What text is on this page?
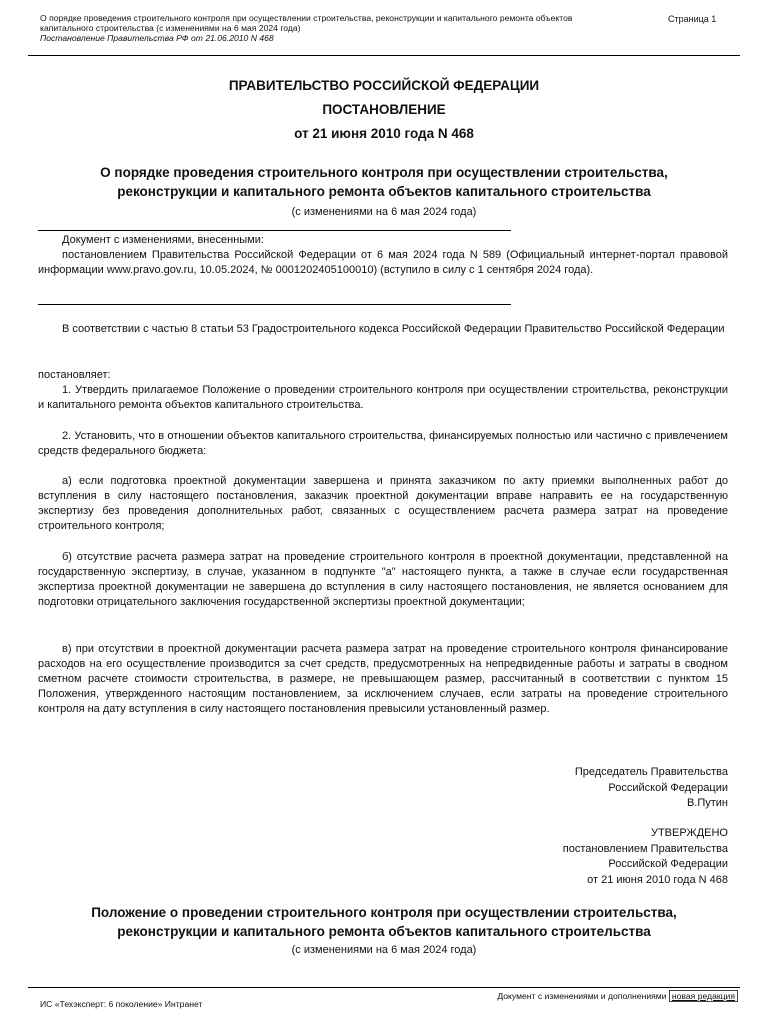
О порядке проведения строительного контроля при осуществлении строительства, реконструкции и капитального ремонта объектов
капитального строительства (с изменениями на 6 мая 2024 года)
Постановление Правительства РФ от 21.06.2010 N 468
Страница 1
ПРАВИТЕЛЬСТВО РОССИЙСКОЙ ФЕДЕРАЦИИ
ПОСТАНОВЛЕНИЕ
от 21 июня 2010 года N 468
О порядке проведения строительного контроля при осуществлении строительства, реконструкции и капитального ремонта объектов капитального строительства
(с изменениями на 6 мая 2024 года)

Документ с изменениями, внесенными:

постановлением Правительства Российской Федерации от 6 мая 2024 года N 589 (Официальный интернет-портал правовой информации www.pravo.gov.ru, 10.05.2024, № 0001202405100010) (вступило в силу с 1 сентября 2024 года).

В соответствии с частью 8 статьи 53 Градостроительного кодекса Российской Федерации Правительство Российской Федерации
постановляет:
1. Утвердить прилагаемое Положение о проведении строительного контроля при осуществлении строительства, реконструкции и капитального ремонта объектов капитального строительства.
2. Установить, что в отношении объектов капитального строительства, финансируемых полностью или частично с привлечением средств федерального бюджета:
а) если подготовка проектной документации завершена и принята заказчиком по акту приемки выполненных работ до вступления в силу настоящего постановления, заказчик проектной документации вправе направить ее на государственную экспертизу без проведения дополнительных работ, связанных с осуществлением расчета размера затрат на проведение строительного контроля;
б) отсутствие расчета размера затрат на проведение строительного контроля в проектной документации, представленной на государственную экспертизу, в случае, указанном в подпункте "а" настоящего пункта, а также в случае если государственная экспертиза проектной документации не завершена до вступления в силу настоящего постановления, не является основанием для подготовки отрицательного заключения государственной экспертизы проектной документации;
в) при отсутствии в проектной документации расчета размера затрат на проведение строительного контроля финансирование расходов на его осуществление производится за счет средств, предусмотренных на непредвиденные работы и затраты в сводном сметном расчете стоимости строительства, в размере, не превышающем размер, рассчитанный в соответствии с пунктом 15 Положения, утвержденного настоящим постановлением, за исключением случаев, если затраты на проведение строительного контроля на дату вступления в силу настоящего постановления превысили установленный размер.
Председатель Правительства
Российской Федерации
В.Путин
УТВЕРЖДЕНО
постановлением Правительства
Российской Федерации
от 21 июня 2010 года N 468
Положение о проведении строительного контроля при осуществлении строительства, реконструкции и капитального ремонта объектов капитального строительства
(с изменениями на 6 мая 2024 года)
ИС «Техэксперт: 6 поколение» Интранет
Документ с изменениями и дополнениями новая редакция
